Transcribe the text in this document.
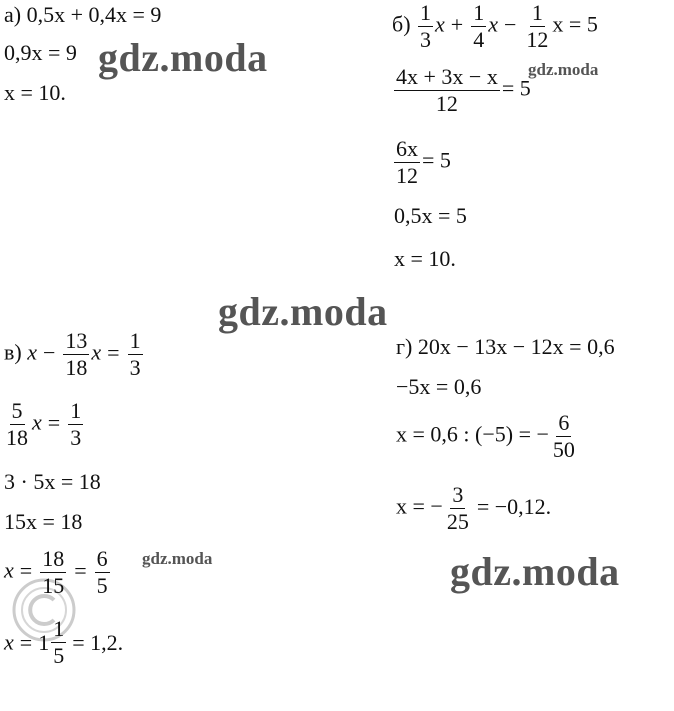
gdz.moda	gdz.moda
gdz.moda
gdz.moda	gdz.moda
а) 0,5x + 0,4x = 9
0,9x = 9
x = 10.
$б) \frac{1}{3}$ $x + \frac{1}{4}$ $x - \frac{1}{12}$ x = 5
$\frac{4x + 3x - x}{12} = 5$
$\frac{6x}{12} = 5$
0,5x = 5
x = 10.
в) $x - \frac{13}{18}$ $x = \frac{1}{3}$
$\frac{5}{18}$ $x = \frac{1}{3}$
3 · 5x = 18
15x = 18
$x = \frac{18}{15} = \frac{6}{5}$
$x = 1 \frac{1}{5} = 1,2$.
г) 20x − 13x − 12x = 0,6
−5x = 0,6
x = 0,6 : (−5) = − $\frac{6}{50}$
x = − $\frac{3}{25} = -0,12$.
